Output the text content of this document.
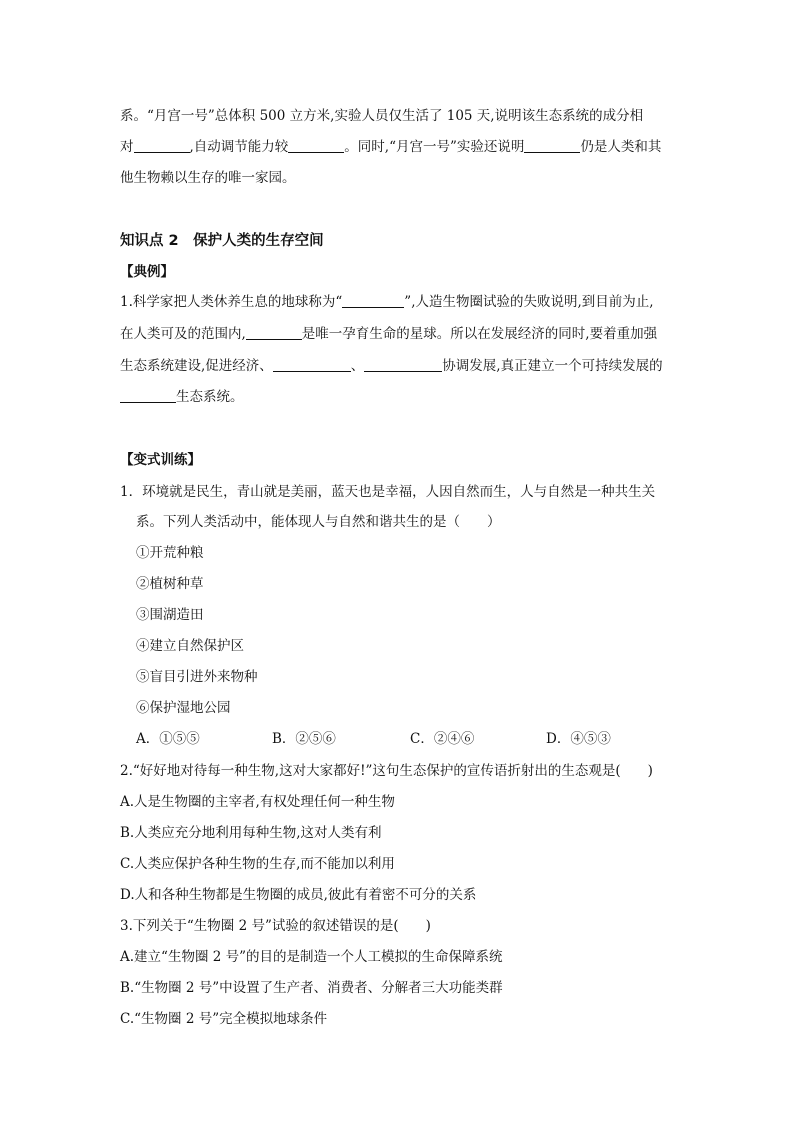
系。“月宫一号”总体积 500 立方米,实验人员仅生活了 105 天,说明该生态系统的成分相
对	,自动调节能力较	。同时,“月宫一号”实验还说明	仍是人类和其
他生物赖以生存的唯一家园。
知识点 2　保护人类的生存空间
【典例】
1.科学家把人类休养生息的地球称为“	”,人造生物圈试验的失败说明,到目前为止,
在人类可及的范围内,	是唯一孕育生命的星球。所以在发展经济的同时,要着重加强
生态系统建设,促进经济、	、	协调发展,真正建立一个可持续发展的
生态系统。
【变式训练】
1．环境就是民生，青山就是美丽，蓝天也是幸福，人因自然而生，人与自然是一种共生关
系。下列人类活动中，能体现人与自然和谐共生的是（　　）
①开荒种粮
②植树种草
③围湖造田
④建立自然保护区
⑤盲目引进外来物种
⑥保护湿地公园
A．①⑤⑤	B．②⑤⑥	C．②④⑥	D．④⑤③
2.“好好地对待每一种生物,这对大家都好!”这句生态保护的宣传语折射出的生态观是(　　)
A.人是生物圈的主宰者,有权处理任何一种生物
B.人类应充分地利用每种生物,这对人类有利
C.人类应保护各种生物的生存,而不能加以利用
D.人和各种生物都是生物圈的成员,彼此有着密不可分的关系
3.下列关于“生物圈 2 号”试验的叙述错误的是(　　)
A.建立“生物圈 2 号”的目的是制造一个人工模拟的生命保障系统
B.“生物圈 2 号”中设置了生产者、消费者、分解者三大功能类群
C.“生物圈 2 号”完全模拟地球条件
